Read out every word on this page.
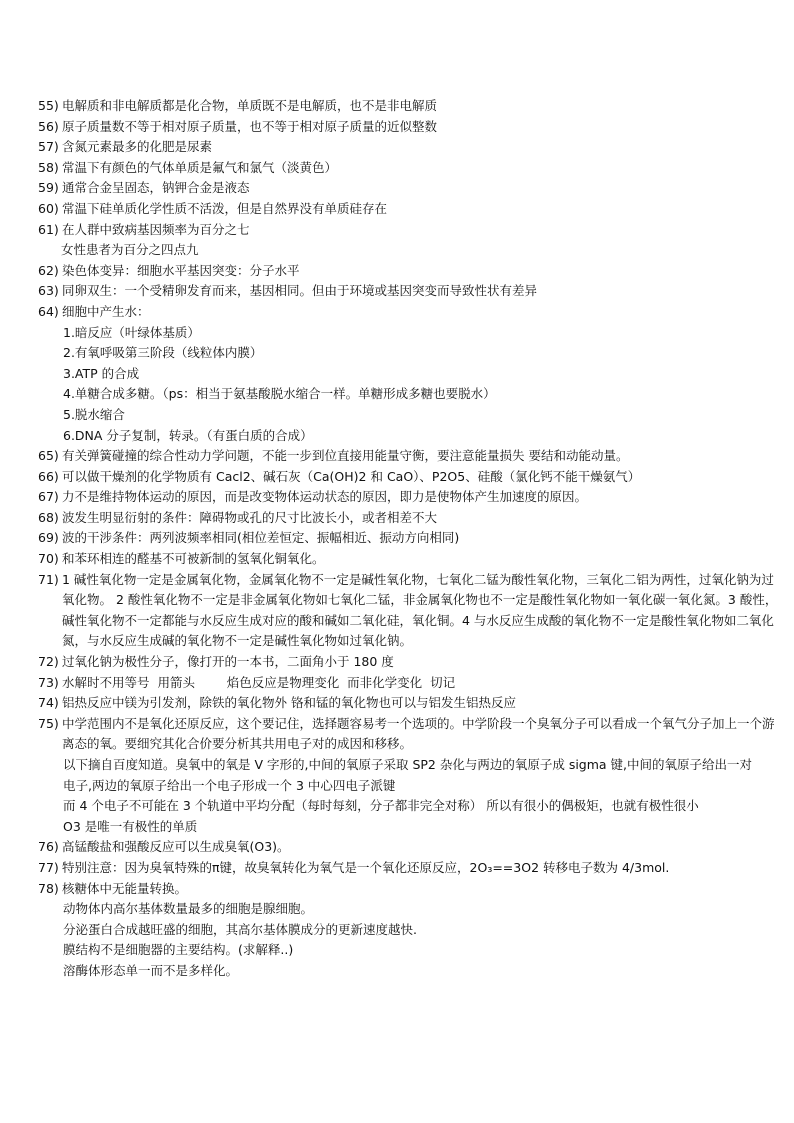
55) 电解质和非电解质都是化合物，单质既不是电解质，也不是非电解质
56) 原子质量数不等于相对原子质量，也不等于相对原子质量的近似整数
57) 含氮元素最多的化肥是尿素
58) 常温下有颜色的气体单质是氟气和氯气（淡黄色）
59) 通常合金呈固态，钠钾合金是液态
60) 常温下硅单质化学性质不活泼，但是自然界没有单质硅存在
61) 在人群中致病基因频率为百分之七
女性患者为百分之四点九
62) 染色体变异：细胞水平基因突变：分子水平
63) 同卵双生：一个受精卵发育而来，基因相同。但由于环境或基因突变而导致性状有差异
64) 细胞中产生水：
1.暗反应（叶绿体基质）
2.有氧呼吸第三阶段（线粒体内膜）
3.ATP 的合成
4.单糖合成多糖。（ps：相当于氨基酸脱水缩合一样。单糖形成多糖也要脱水）
5.脱水缩合
6.DNA 分子复制，转录。（有蛋白质的合成）
65) 有关弹簧碰撞的综合性动力学问题，不能一步到位直接用能量守衡，要注意能量损失 要结和动能动量。
66) 可以做干燥剂的化学物质有 Cacl2、碱石灰（Ca(OH)2 和 CaO）、P2O5、硅酸（氯化钙不能干燥氨气）
67) 力不是维持物体运动的原因，而是改变物体运动状态的原因，即力是使物体产生加速度的原因。
68) 波发生明显衍射的条件：障碍物或孔的尺寸比波长小，或者相差不大
69) 波的干涉条件：两列波频率相同(相位差恒定、振幅相近、振动方向相同)
70) 和苯环相连的醛基不可被新制的氢氧化铜氧化。
71) 1 碱性氧化物一定是金属氧化物，金属氧化物不一定是碱性氧化物，七氧化二锰为酸性氧化物，三氧化二铝为两性，过氧化钠为过氧化物。 2 酸性氧化物不一定是非金属氧化物如七氧化二锰，非金属氧化物也不一定是酸性氧化物如一氧化碳一氧化氮。3 酸性，碱性氧化物不一定都能与水反应生成对应的酸和碱如二氧化硅，氧化铜。4 与水反应生成酸的氧化物不一定是酸性氧化物如二氧化氮，与水反应生成碱的氧化物不一定是碱性氧化物如过氧化钠。
72) 过氧化钠为极性分子，像打开的一本书，二面角小于 180 度
73) 水解时不用等号  用箭头        焰色反应是物理变化  而非化学变化  切记
74) 铝热反应中镁为引发剂，除铁的氧化物外 铬和锰的氧化物也可以与铝发生铝热反应
75) 中学范围内不是氧化还原反应，这个要记住，选择题容易考一个选项的。中学阶段一个臭氧分子可以看成一个氧气分子加上一个游离态的氧。要细究其化合价要分析其共用电子对的成因和移移。
以下摘自百度知道。臭氧中的氧是 V 字形的,中间的氧原子采取 SP2 杂化与两边的氧原子成 sigma 键,中间的氧原子给出一对电子,两边的氧原子给出一个电子形成一个 3 中心四电子派键
而 4 个电子不可能在 3 个轨道中平均分配（每时每刻，分子都非完全对称） 所以有很小的偶极矩，也就有极性很小
O3 是唯一有极性的单质
76) 高锰酸盐和强酸反应可以生成臭氧(O3)。
77) 特别注意：因为臭氧特殊的π键，故臭氧转化为氧气是一个氧化还原反应，2O₃==3O2 转移电子数为 4/3mol.
78) 核糖体中无能量转换。
动物体内高尔基体数量最多的细胞是腺细胞。
分泌蛋白合成越旺盛的细胞，其高尔基体膜成分的更新速度越快.
膜结构不是细胞器的主要结构。(求解释..)
溶酶体形态单一而不是多样化。
